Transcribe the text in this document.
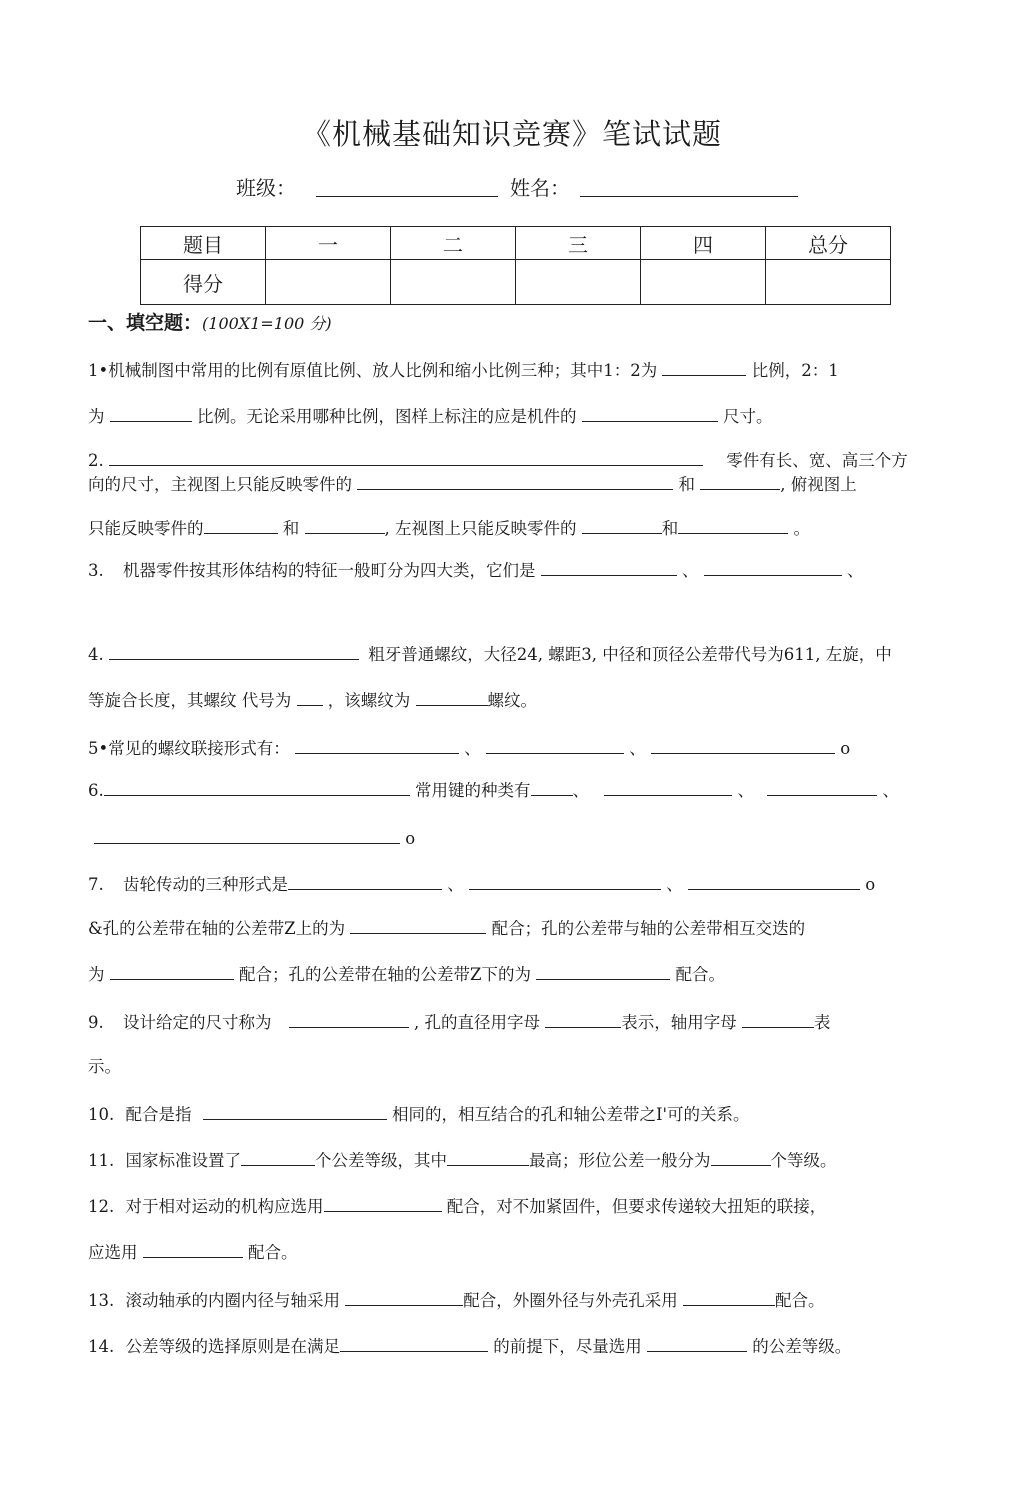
《机械基础知识竞赛》笔试试题
班级：	姓名：
题目	一	二	三	四	总分
得分					
一、填空题：(100X1=100 分)
1•机械制图中常用的比例有原值比例、放人比例和缩小比例三种；其中1：2为	比例，2：1
为	比例。无论采用哪种比例，图样上标注的应是机件的	尺寸。
2.	零件有长、宽、高三个方
向的尺寸，主视图上只能反映零件的	和	, 俯视图上
只能反映零件的	和	, 左视图上只能反映零件的	和	。
3. 机器零件按其形体结构的特征一般町分为四大类，它们是	、	、
4.	粗牙普通螺纹，大径24, 螺距3, 中径和顶径公差带代号为611, 左旋，中
等旋合长度，其螺纹 代号为 ，该螺纹为	螺纹。
5•常见的螺纹联接形式有：	、	、	o
6.	常用键的种类有	、	、	、
o
7. 齿轮传动的三种形式是	、	、	o
&孔的公差带在轴的公差带Z上的为	配合；孔的公差带与轴的公差带相互交迭的
为	配合；孔的公差带在轴的公差带Z下的为	配合。
9. 设计给定的尺寸称为	, 孔的直径用字母	表示，轴用字母	表
示。
10. 配合是指	相同的，相互结合的孔和轴公差带之I'可的关系。
11. 国家标准设置了	个公差等级，其中	最高；形位公差一般分为	个等级。
12. 对于相对运动的机构应选用	配合，对不加紧固件，但要求传递较大扭矩的联接，
应选用	配合。
13. 滚动轴承的内圈内径与轴采用	配合，外圈外径与外壳孔采用	配合。
14. 公差等级的选择原则是在满足	的前提下，尽量选用	的公差等级。
